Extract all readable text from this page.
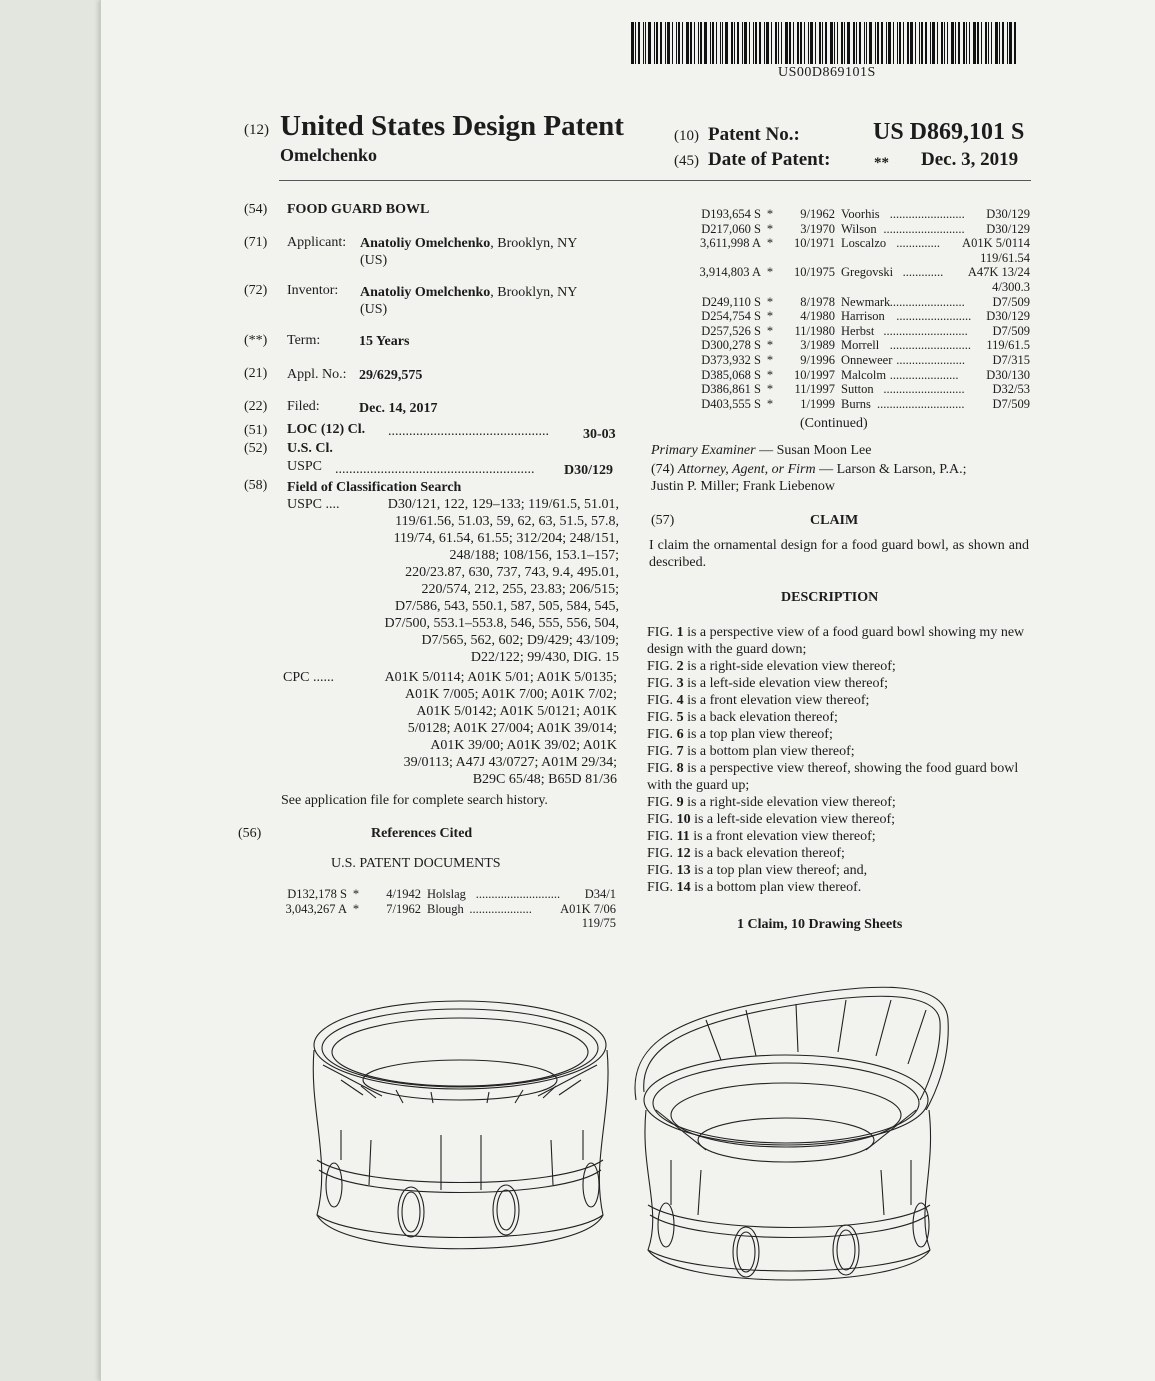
US00D869101S
(12) United States Design Patent
Omelchenko
(10) Patent No.:	US D869,101 S
(45) Date of Patent:	** Dec. 3, 2019
(54) FOOD GUARD BOWL
(71) Applicant: Anatoliy Omelchenko, Brooklyn, NY
(US)
(72) Inventor: Anatoliy Omelchenko, Brooklyn, NY
(US)
(**) Term:	15 Years
(21) Appl. No.: 29/629,575
(22) Filed:	Dec. 14, 2017
(51) LOC (12) Cl. ..............................................	30-03
(52) U.S. Cl.
USPC .........................................................	D30/129
(58) Field of Classification Search
USPC ....	D30/121, 122, 129–133; 119/61.5, 51.01,
119/61.56, 51.03, 59, 62, 63, 51.5, 57.8,
119/74, 61.54, 61.55; 312/204; 248/151,
248/188; 108/156, 153.1–157;
220/23.87, 630, 737, 743, 9.4, 495.01,
220/574, 212, 255, 23.83; 206/515;
D7/586, 543, 550.1, 587, 505, 584, 545,
D7/500, 553.1–553.8, 546, 555, 556, 504,
D7/565, 562, 602; D9/429; 43/109;
D22/122; 99/430, DIG. 15
CPC ......	A01K 5/0114; A01K 5/01; A01K 5/0135;
A01K 7/005; A01K 7/00; A01K 7/02;
A01K 5/0142; A01K 5/0121; A01K
5/0128; A01K 27/004; A01K 39/014;
A01K 39/00; A01K 39/02; A01K
39/0113; A47J 43/0727; A01M 29/34;
B29C 65/48; B65D 81/36
See application file for complete search history.
(56)	References Cited
U.S. PATENT DOCUMENTS
D132,178 S *	4/1942 Holslag	D34/1
...........................
3,043,267 A *	7/1962 Blough	A01K 7/06
....................
119/75
D193,654 S *	9/1962 Voorhis	D30/129
........................
D217,060 S *	3/1970 Wilson	D30/129
..........................
3,611,998 A *	10/1971 Loscalzo	A01K 5/0114
..............
119/61.54
3,914,803 A *	10/1975 Gregovski	A47K 13/24
.............
4/300.3
D249,110 S *	8/1978 Newmark	D7/509
........................
D254,754 S *	4/1980 Harrison	D30/129
........................
D257,526 S *	11/1980 Herbst	D7/509
...........................
D300,278 S *	3/1989 Morrell	119/61.5
..........................
D373,932 S *	9/1996 Onneweer	D7/315
......................
D385,068 S *	10/1997 Malcolm	D30/130
......................
D386,861 S *	11/1997 Sutton	D32/53
..........................
D403,555 S *	1/1999 Burns	D7/509
............................
(Continued)
Primary Examiner — Susan Moon Lee
(74) Attorney, Agent, or Firm — Larson & Larson, P.A.;
Justin P. Miller; Frank Liebenow
(57)	CLAIM
I claim the ornamental design for a food guard bowl, as shown and described.
DESCRIPTION

FIG. 1 is a perspective view of a food guard bowl showing my new design with the guard down;

FIG. 2 is a right-side elevation view thereof;

FIG. 3 is a left-side elevation view thereof;

FIG. 4 is a front elevation view thereof;

FIG. 5 is a back elevation thereof;

FIG. 6 is a top plan view thereof;

FIG. 7 is a bottom plan view thereof;

FIG. 8 is a perspective view thereof, showing the food guard bowl with the guard up;

FIG. 9 is a right-side elevation view thereof;

FIG. 10 is a left-side elevation view thereof;

FIG. 11 is a front elevation view thereof;

FIG. 12 is a back elevation thereof;

FIG. 13 is a top plan view thereof; and,

FIG. 14 is a bottom plan view thereof.

1 Claim, 10 Drawing Sheets
